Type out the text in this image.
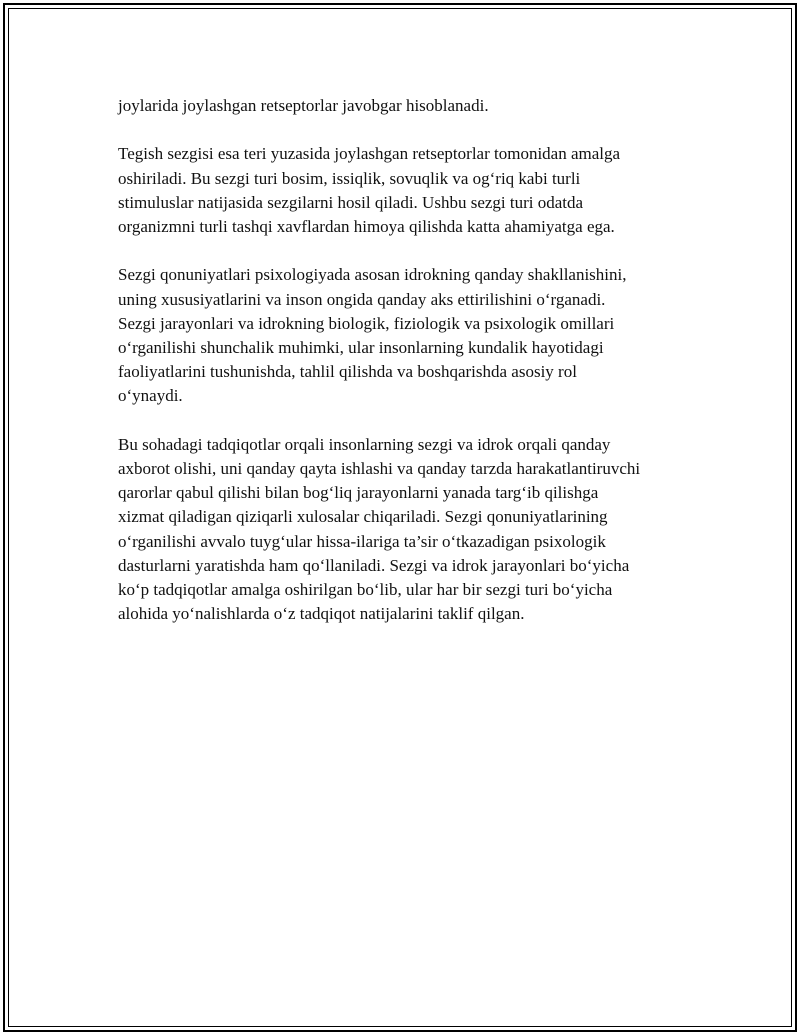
joylarida joylashgan retseptorlar javobgar hisoblanadi.

Tegish sezgisi esa teri yuzasida joylashgan retseptorlar tomonidan amalga
oshiriladi. Bu sezgi turi bosim, issiqlik, sovuqlik va og‘riq kabi turli
stimuluslar natijasida sezgilarni hosil qiladi. Ushbu sezgi turi odatda
organizmni turli tashqi xavflardan himoya qilishda katta ahamiyatga ega.

Sezgi qonuniyatlari psixologiyada asosan idrokning qanday shakllanishini,
uning xususiyatlarini va inson ongida qanday aks ettirilishini o‘rganadi.
Sezgi jarayonlari va idrokning biologik, fiziologik va psixologik omillari
o‘rganilishi shunchalik muhimki, ular insonlarning kundalik hayotidagi
faoliyatlarini tushunishda, tahlil qilishda va boshqarishda asosiy rol
o‘ynaydi.

Bu sohadagi tadqiqotlar orqali insonlarning sezgi va idrok orqali qanday
axborot olishi, uni qanday qayta ishlashi va qanday tarzda harakatlantiruvchi
qarorlar qabul qilishi bilan bog‘liq jarayonlarni yanada targ‘ib qilishga
xizmat qiladigan qiziqarli xulosalar chiqariladi. Sezgi qonuniyatlarining
o‘rganilishi avvalo tuyg‘ular hissa-ilariga ta’sir o‘tkazadigan psixologik
dasturlarni yaratishda ham qo‘llaniladi. Sezgi va idrok jarayonlari bo‘yicha
ko‘p tadqiqotlar amalga oshirilgan bo‘lib, ular har bir sezgi turi bo‘yicha
alohida yo‘nalishlarda o‘z tadqiqot natijalarini taklif qilgan.
